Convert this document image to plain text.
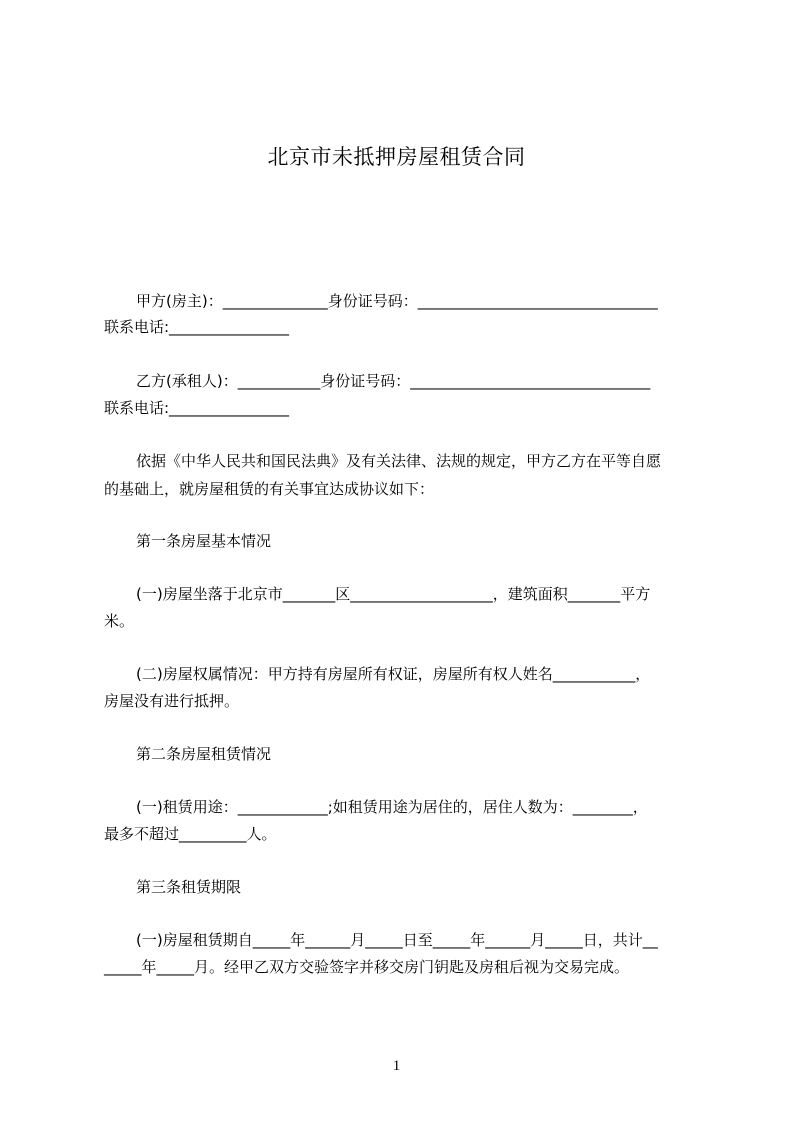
北京市未抵押房屋租赁合同
甲方(房主)：______________身份证号码：________________________________
联系电话:________________
乙方(承租人)：___________身份证号码：________________________________
联系电话:________________
依据《中华人民共和国民法典》及有关法律、法规的规定，甲方乙方在平等自愿
的基础上，就房屋租赁的有关事宜达成协议如下：
第一条房屋基本情况
(一)房屋坐落于北京市_______区___________________，建筑面积_______平方
米。
(二)房屋权属情况：甲方持有房屋所有权证，房屋所有权人姓名___________，
房屋没有进行抵押。
第二条房屋租赁情况
(一)租赁用途：____________;如租赁用途为居住的，居住人数为：________，
最多不超过_________人。
第三条租赁期限
(一)房屋租赁期自_____年______月_____日至_____年______月_____日，共计__
_____年_____月。经甲乙双方交验签字并移交房门钥匙及房租后视为交易完成。
1
